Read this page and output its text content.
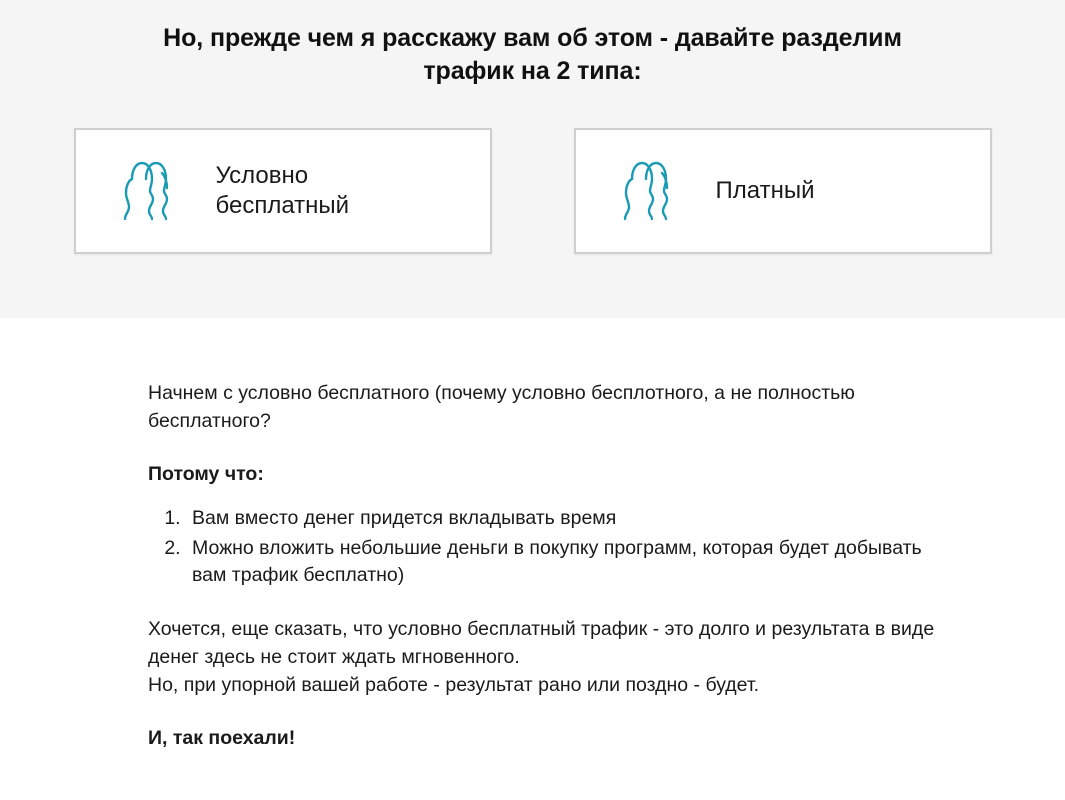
Но, прежде чем я расскажу вам об этом - давайте разделим трафик на 2 типа:
Условно
бесплатный
Платный

Начнем с условно бесплатного (почему условно бесплотного, а не полностью бесплатного?

Потому что:

1. Вам вместо денег придется вкладывать время
2. Можно вложить небольшие деньги в покупку программ, которая будет добывать вам трафик бесплатно)

Хочется, еще сказать, что условно бесплатный трафик - это долго и результата в виде денег здесь не стоит ждать мгновенного.
Но, при упорной вашей работе - результат рано или поздно - будет.

И, так поехали!
